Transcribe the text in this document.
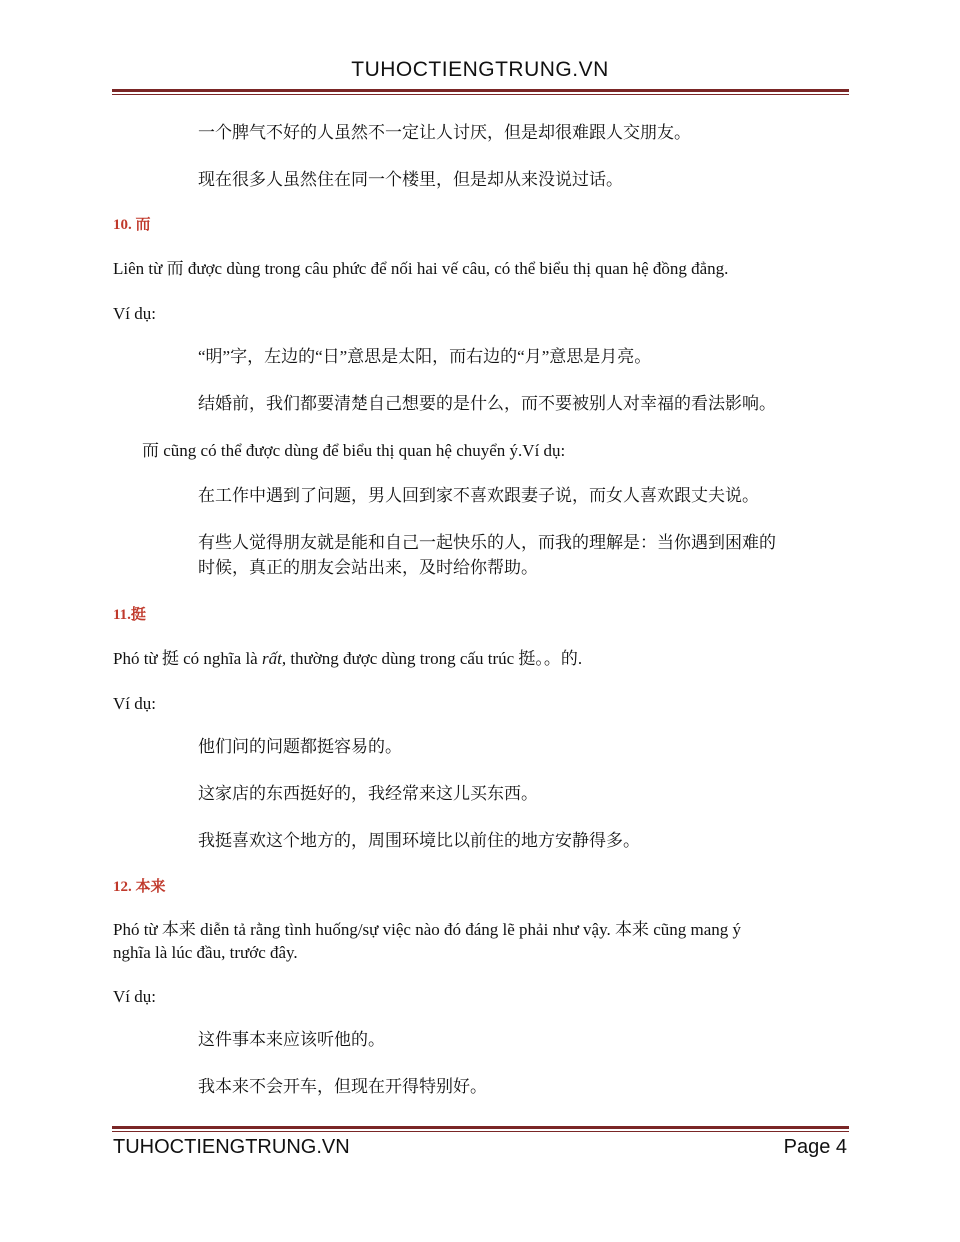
TUHOCTIENGTRUNG.VN
一个脾气不好的人虽然不一定让人讨厌，但是却很难跟人交朋友。
现在很多人虽然住在同一个楼里，但是却从来没说过话。
10. 而
Liên từ 而 được dùng trong câu phức để nối hai vế câu, có thể biểu thị quan hệ đồng đẳng.
Ví dụ:
“明”字，左边的“日”意思是太阳，而右边的“月”意思是月亮。
结婚前，我们都要清楚自己想要的是什么，而不要被别人对幸福的看法影响。
而 cũng có thể được dùng để biểu thị quan hệ chuyển ý.Ví dụ:
在工作中遇到了问题，男人回到家不喜欢跟妻子说，而女人喜欢跟丈夫说。
有些人觉得朋友就是能和自己一起快乐的人，而我的理解是：当你遇到困难的
时候，真正的朋友会站出来，及时给你帮助。
11.挺
Phó từ 挺 có nghĩa là rất, thường được dùng trong cấu trúc 挺。。的.
Ví dụ:
他们问的问题都挺容易的。
这家店的东西挺好的，我经常来这儿买东西。
我挺喜欢这个地方的，周围环境比以前住的地方安静得多。
12. 本来
Phó từ 本来 diễn tả rằng tình huống/sự việc nào đó đáng lẽ phải như vậy. 本来 cũng mang ý
nghĩa là lúc đầu, trước đây.
Ví dụ:
这件事本来应该听他的。
我本来不会开车，但现在开得特别好。
TUHOCTIENGTRUNG.VN	Page 4
